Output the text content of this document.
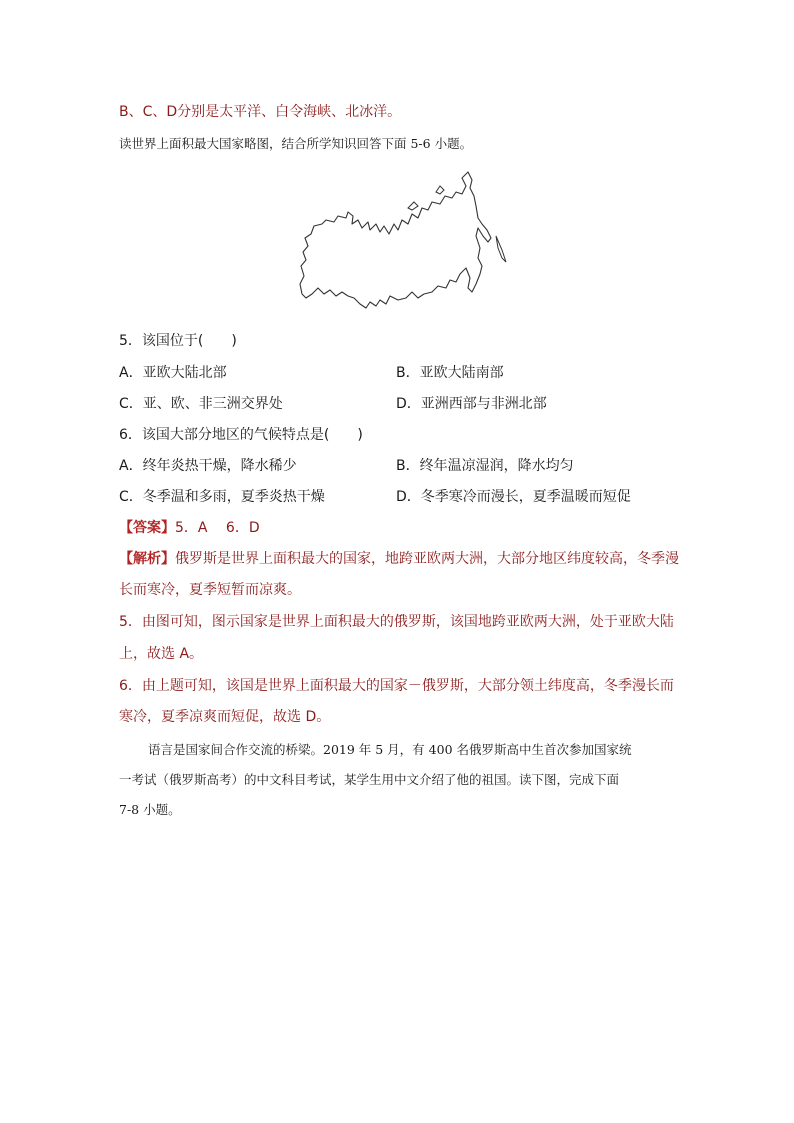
B、C、D分别是太平洋、白令海峡、北冰洋。
读世界上面积最大国家略图，结合所学知识回答下面 5-6 小题。
5．该国位于(　　)
A．亚欧大陆北部	B．亚欧大陆南部
C．亚、欧、非三洲交界处	D．亚洲西部与非洲北部
6．该国大部分地区的气候特点是(　　)
A．终年炎热干燥，降水稀少	B．终年温凉湿润，降水均匀
C．冬季温和多雨，夏季炎热干燥	D．冬季寒冷而漫长，夏季温暖而短促
【答案】5．A　 6．D
【解析】俄罗斯是世界上面积最大的国家，地跨亚欧两大洲，大部分地区纬度较高，冬季漫
长而寒冷，夏季短暂而凉爽。
5．由图可知，图示国家是世界上面积最大的俄罗斯，该国地跨亚欧两大洲，处于亚欧大陆
上，故选 A。
6．由上题可知，该国是世界上面积最大的国家－俄罗斯，大部分领土纬度高，冬季漫长而
寒冷，夏季凉爽而短促，故选 D。
语言是国家间合作交流的桥梁。2019 年 5 月，有 400 名俄罗斯高中生首次参加国家统
一考试（俄罗斯高考）的中文科目考试，某学生用中文介绍了他的祖国。读下图，完成下面
7-8 小题。
